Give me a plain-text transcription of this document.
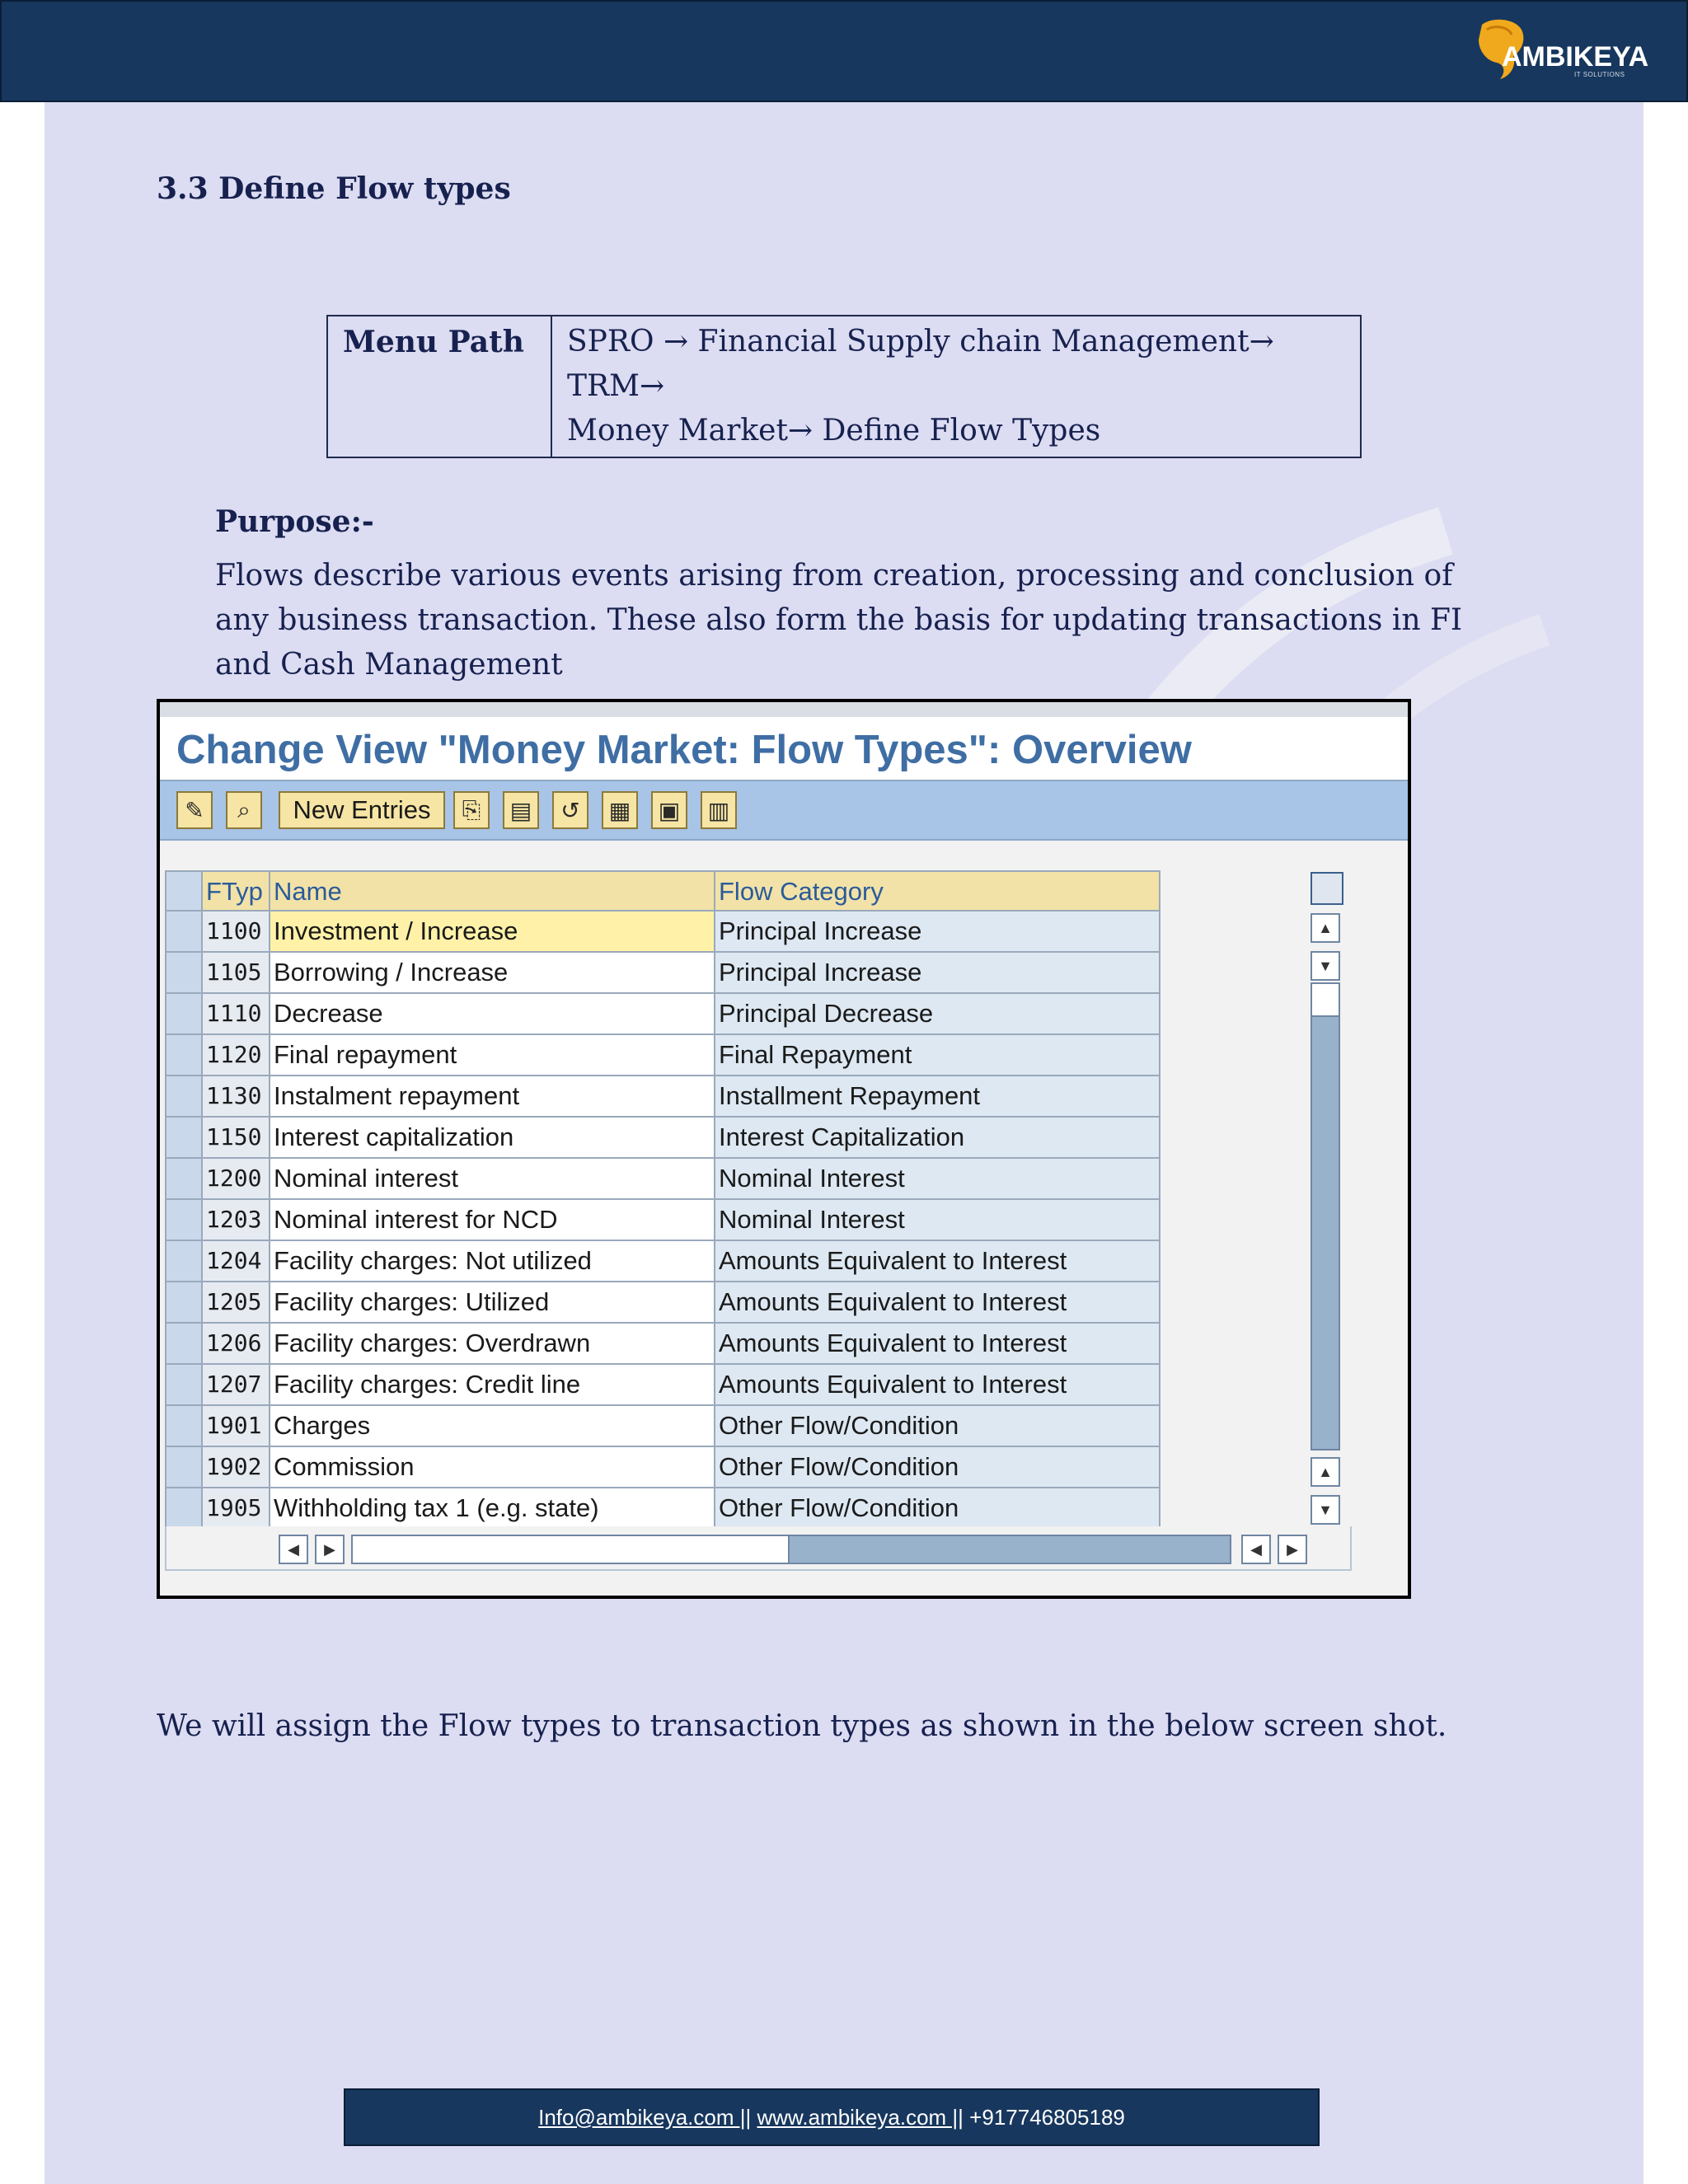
AMBIKEYA
IT SOLUTIONS
3.3 Define Flow types
Menu Path	SPRO → Financial Supply chain Management→ TRM→
Money Market→ Define Flow Types
Purpose:-
Flows describe various events arising from creation, processing and conclusion of any business transaction. These also form the basis for updating transactions in FI and Cash Management
Change View "Money Market: Flow Types": Overview
✎	⌕	New Entries	⎘	▤	↺	▦	▣	▥
FTyp Name	Flow Category
1100 Investment / Increase	Principal Increase
1105 Borrowing / Increase	Principal Increase
1110 Decrease	Principal Decrease
1120 Final repayment	Final Repayment
1130 Instalment repayment	Installment Repayment
1150 Interest capitalization	Interest Capitalization
1200 Nominal interest	Nominal Interest
1203 Nominal interest for NCD	Nominal Interest
1204 Facility charges: Not utilized	Amounts Equivalent to Interest
1205 Facility charges: Utilized	Amounts Equivalent to Interest
1206 Facility charges: Overdrawn	Amounts Equivalent to Interest
1207 Facility charges: Credit line	Amounts Equivalent to Interest
1901 Charges	Other Flow/Condition
1902 Commission	Other Flow/Condition
1905 Withholding tax 1 (e.g. state)	Other Flow/Condition
▲
▼
▲
▼
◀	▶	◀	▶
We will assign the Flow types to transaction types as shown in the below screen shot.
Info@ambikeya.com ||
www.ambikeya.com ||
+917746805189
